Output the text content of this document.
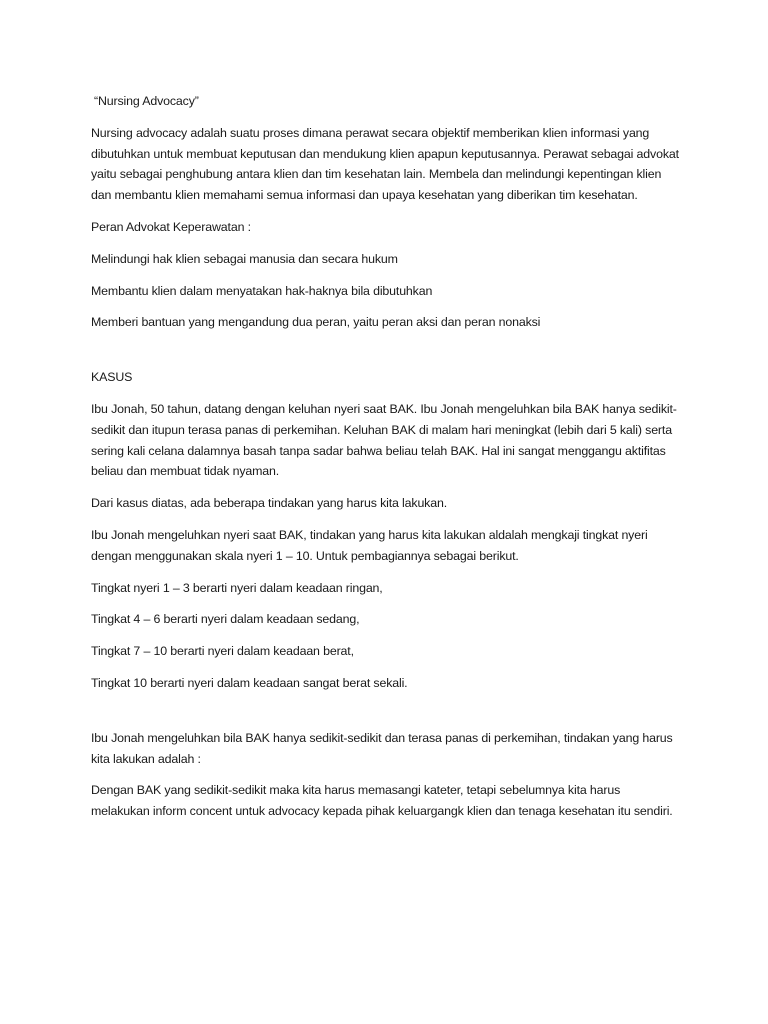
“Nursing Advocacy”

Nursing advocacy adalah suatu proses dimana perawat secara objektif memberikan klien informasi yang dibutuhkan untuk membuat keputusan dan mendukung klien apapun keputusannya. Perawat sebagai advokat yaitu sebagai penghubung antara klien dan tim kesehatan lain. Membela dan melindungi kepentingan klien dan membantu klien memahami semua informasi dan upaya kesehatan yang diberikan tim kesehatan.

Peran Advokat Keperawatan :

Melindungi hak klien sebagai manusia dan secara hukum

Membantu klien dalam menyatakan hak-haknya bila dibutuhkan

Memberi bantuan yang mengandung dua peran, yaitu peran aksi dan peran nonaksi

KASUS

Ibu Jonah, 50 tahun, datang dengan keluhan nyeri saat BAK. Ibu Jonah mengeluhkan bila BAK hanya sedikit-sedikit dan itupun terasa panas di perkemihan. Keluhan BAK di malam hari meningkat (lebih dari 5 kali) serta sering kali celana dalamnya basah tanpa sadar bahwa beliau telah BAK. Hal ini sangat menggangu aktifitas beliau dan membuat tidak nyaman.

Dari kasus diatas, ada beberapa tindakan yang harus kita lakukan.

Ibu Jonah mengeluhkan nyeri saat BAK, tindakan yang harus kita lakukan aldalah mengkaji tingkat nyeri dengan menggunakan skala nyeri 1 – 10. Untuk pembagiannya sebagai berikut.

Tingkat nyeri 1 – 3 berarti nyeri dalam keadaan ringan,

Tingkat 4 – 6 berarti nyeri dalam keadaan sedang,

Tingkat 7 – 10 berarti nyeri dalam keadaan berat,

Tingkat 10 berarti nyeri dalam keadaan sangat berat sekali.

Ibu Jonah mengeluhkan bila BAK hanya sedikit-sedikit dan terasa panas di perkemihan, tindakan yang harus kita lakukan adalah :

Dengan BAK yang sedikit-sedikit maka kita harus memasangi kateter, tetapi sebelumnya kita harus melakukan inform concent untuk advocacy kepada pihak keluargangk klien dan tenaga kesehatan itu sendiri.
